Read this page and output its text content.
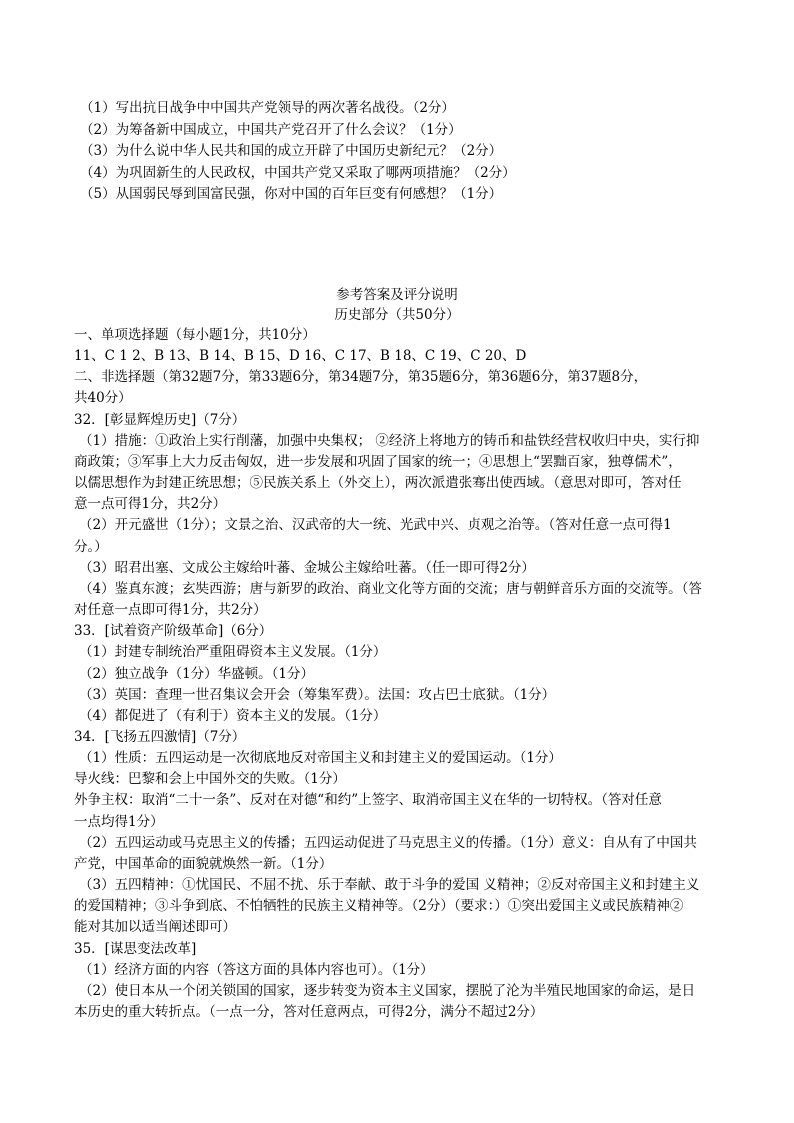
（1）写出抗日战争中中国共产党领导的两次著名战役。（2分）
（2）为筹备新中国成立，中国共产党召开了什么会议？（1分）
（3）为什么说中华人民共和国的成立开辟了中国历史新纪元？（2分）
（4）为巩固新生的人民政权，中国共产党又采取了哪两项措施？（2分）
（5）从国弱民辱到国富民强，你对中国的百年巨变有何感想？（1分）
参考答案及评分说明
历史部分（共50分）
一、单项选择题（每小题1分，共10分）
11、C 1 2、B 13、B 14、B 15、D 16、C 17、B 18、C 19、C 20、D
二、非选择题（第32题7分，第33题6分，第34题7分，第35题6分，第36题6分，第37题8分，
共40分）
32．[彰显辉煌历史]（7分）
（1）措施：①政治上实行削藩，加强中央集权； ②经济上将地方的铸币和盐铁经营权收归中央，实行抑
商政策；③军事上大力反击匈奴，进一步发展和巩固了国家的统一；④思想上“罢黜百家，独尊儒术”，
以儒思想作为封建正统思想；⑤民族关系上（外交上），两次派遣张骞出使西域。（意思对即可，答对任
意一点可得1分，共2分）
（2）开元盛世（1分）；文景之治、汉武帝的大一统、光武中兴、贞观之治等。（答对任意一点可得1
分。）
（3）昭君出塞、文成公主嫁给叶蕃、金城公主嫁给吐蕃。（任一即可得2分）
（4）鉴真东渡；玄奘西游；唐与新罗的政治、商业文化等方面的交流；唐与朝鲜音乐方面的交流等。（答
对任意一点即可得1分，共2分）
33．[试着资产阶级革命]（6分）
（1）封建专制统治严重阻碍资本主义发展。（1分）
（2）独立战争（1分）华盛顿。（1分）
（3）英国：查理一世召集议会开会（筹集军费）。法国：攻占巴士底狱。（1分）
（4）都促进了（有利于）资本主义的发展。（1分）
34．[飞扬五四激情]（7分）
（1）性质：五四运动是一次彻底地反对帝国主义和封建主义的爱国运动。（1分）
导火线：巴黎和会上中国外交的失败。（1分）
外争主权：取消“二十一条”、反对在对德“和约”上签字、取消帝国主义在华的一切特权。（答对任意
一点均得1分）
（2）五四运动或马克思主义的传播；五四运动促进了马克思主义的传播。（1分）意义：自从有了中国共
产党，中国革命的面貌就焕然一新。（1分）
（3）五四精神：①忧国民、不屈不扰、乐于奉献、敢于斗争的爱国 义精神；②反对帝国主义和封建主义
的爱国精神；③斗争到底、不怕牺牲的民族主义精神等。（2分）（要求：）①突出爱国主义或民族精神②
能对其加以适当阐述即可）
35．[谋思变法改革]
（1）经济方面的内容（答这方面的具体内容也可）。（1分）
（2）使日本从一个闭关锁国的国家，逐步转变为资本主义国家，摆脱了沦为半殖民地国家的命运，是日
本历史的重大转折点。（一点一分，答对任意两点，可得2分，满分不超过2分）
